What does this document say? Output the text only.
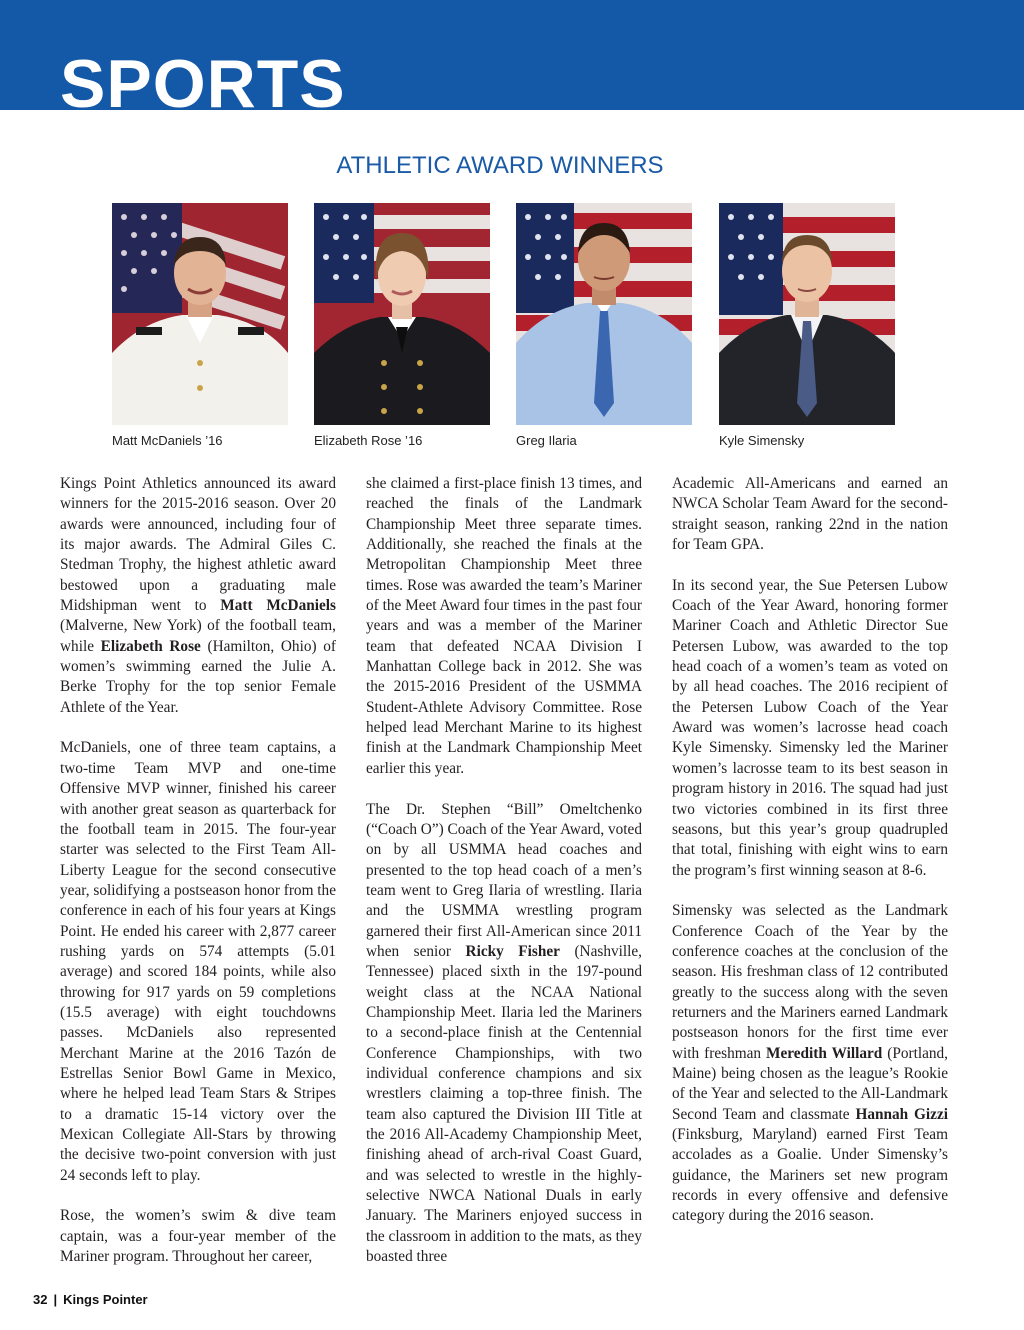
SPORTS
ATHLETIC AWARD WINNERS
Matt McDaniels ’16	Elizabeth Rose ’16	Greg Ilaria	Kyle Simensky

Kings Point Athletics announced its award winners for the 2015-2016 season. Over 20 awards were announced, including four of its major awards. The Admiral Giles C. Stedman Trophy, the highest athletic award bestowed upon a graduating male Midshipman went to Matt McDaniels (Malverne, New York) of the football team, while Elizabeth Rose (Hamilton, Ohio) of women’s swimming earned the Julie A. Berke Trophy for the top senior Female Athlete of the Year.

McDaniels, one of three team captains, a two-time Team MVP and one-time Offensive MVP winner, finished his career with another great season as quarterback for the football team in 2015. The four-year starter was selected to the First Team All-Liberty League for the second consecutive year, solidifying a postseason honor from the conference in each of his four years at Kings Point. He ended his career with 2,877 career rushing yards on 574 attempts (5.01 average) and scored 184 points, while also throwing for 917 yards on 59 completions (15.5 average) with eight touchdowns passes. McDaniels also represented Merchant Marine at the 2016 Tazón de Estrellas Senior Bowl Game in Mexico, where he helped lead Team Stars & Stripes to a dramatic 15-14 victory over the Mexican Collegiate All-Stars by throwing the decisive two-point conversion with just 24 seconds left to play.

Rose, the women’s swim & dive team captain, was a four-year member of the Mariner program. Throughout her career,

she claimed a first-place finish 13 times, and reached the finals of the Landmark Championship Meet three separate times. Additionally, she reached the finals at the Metropolitan Championship Meet three times. Rose was awarded the team’s Mariner of the Meet Award four times in the past four years and was a member of the Mariner team that defeated NCAA Division I Manhattan College back in 2012. She was the 2015-2016 President of the USMMA Student-Athlete Advisory Committee. Rose helped lead Merchant Marine to its highest finish at the Landmark Championship Meet earlier this year.

The Dr. Stephen “Bill” Omeltchenko (“Coach O”) Coach of the Year Award, voted on by all USMMA head coaches and presented to the top head coach of a men’s team went to Greg Ilaria of wrestling. Ilaria and the USMMA wrestling program garnered their first All-American since 2011 when senior Ricky Fisher (Nashville, Tennessee) placed sixth in the 197-pound weight class at the NCAA National Championship Meet. Ilaria led the Mariners to a second-place finish at the Centennial Conference Championships, with two individual conference champions and six wrestlers claiming a top-three finish. The team also captured the Division III Title at the 2016 All-Academy Championship Meet, finishing ahead of arch-rival Coast Guard, and was selected to wrestle in the highly-selective NWCA National Duals in early January. The Mariners enjoyed success in the classroom in addition to the mats, as they boasted three

Academic All-Americans and earned an NWCA Scholar Team Award for the second-straight season, ranking 22nd in the nation for Team GPA.

In its second year, the Sue Petersen Lubow Coach of the Year Award, honoring former Mariner Coach and Athletic Director Sue Petersen Lubow, was awarded to the top head coach of a women’s team as voted on by all head coaches. The 2016 recipient of the Petersen Lubow Coach of the Year Award was women’s lacrosse head coach Kyle Simensky. Simensky led the Mariner women’s lacrosse team to its best season in program history in 2016. The squad had just two victories combined in its first three seasons, but this year’s group quadrupled that total, finishing with eight wins to earn the program’s first winning season at 8-6.

Simensky was selected as the Landmark Conference Coach of the Year by the conference coaches at the conclusion of the season. His freshman class of 12 contributed greatly to the success along with the seven returners and the Mariners earned Landmark postseason honors for the first time ever with freshman Meredith Willard (Portland, Maine) being chosen as the league’s Rookie of the Year and selected to the All-Landmark Second Team and classmate Hannah Gizzi (Finksburg, Maryland) earned First Team accolades as a Goalie. Under Simensky’s guidance, the Mariners set new program records in every offensive and defensive category during the 2016 season.

32 | Kings Pointer
